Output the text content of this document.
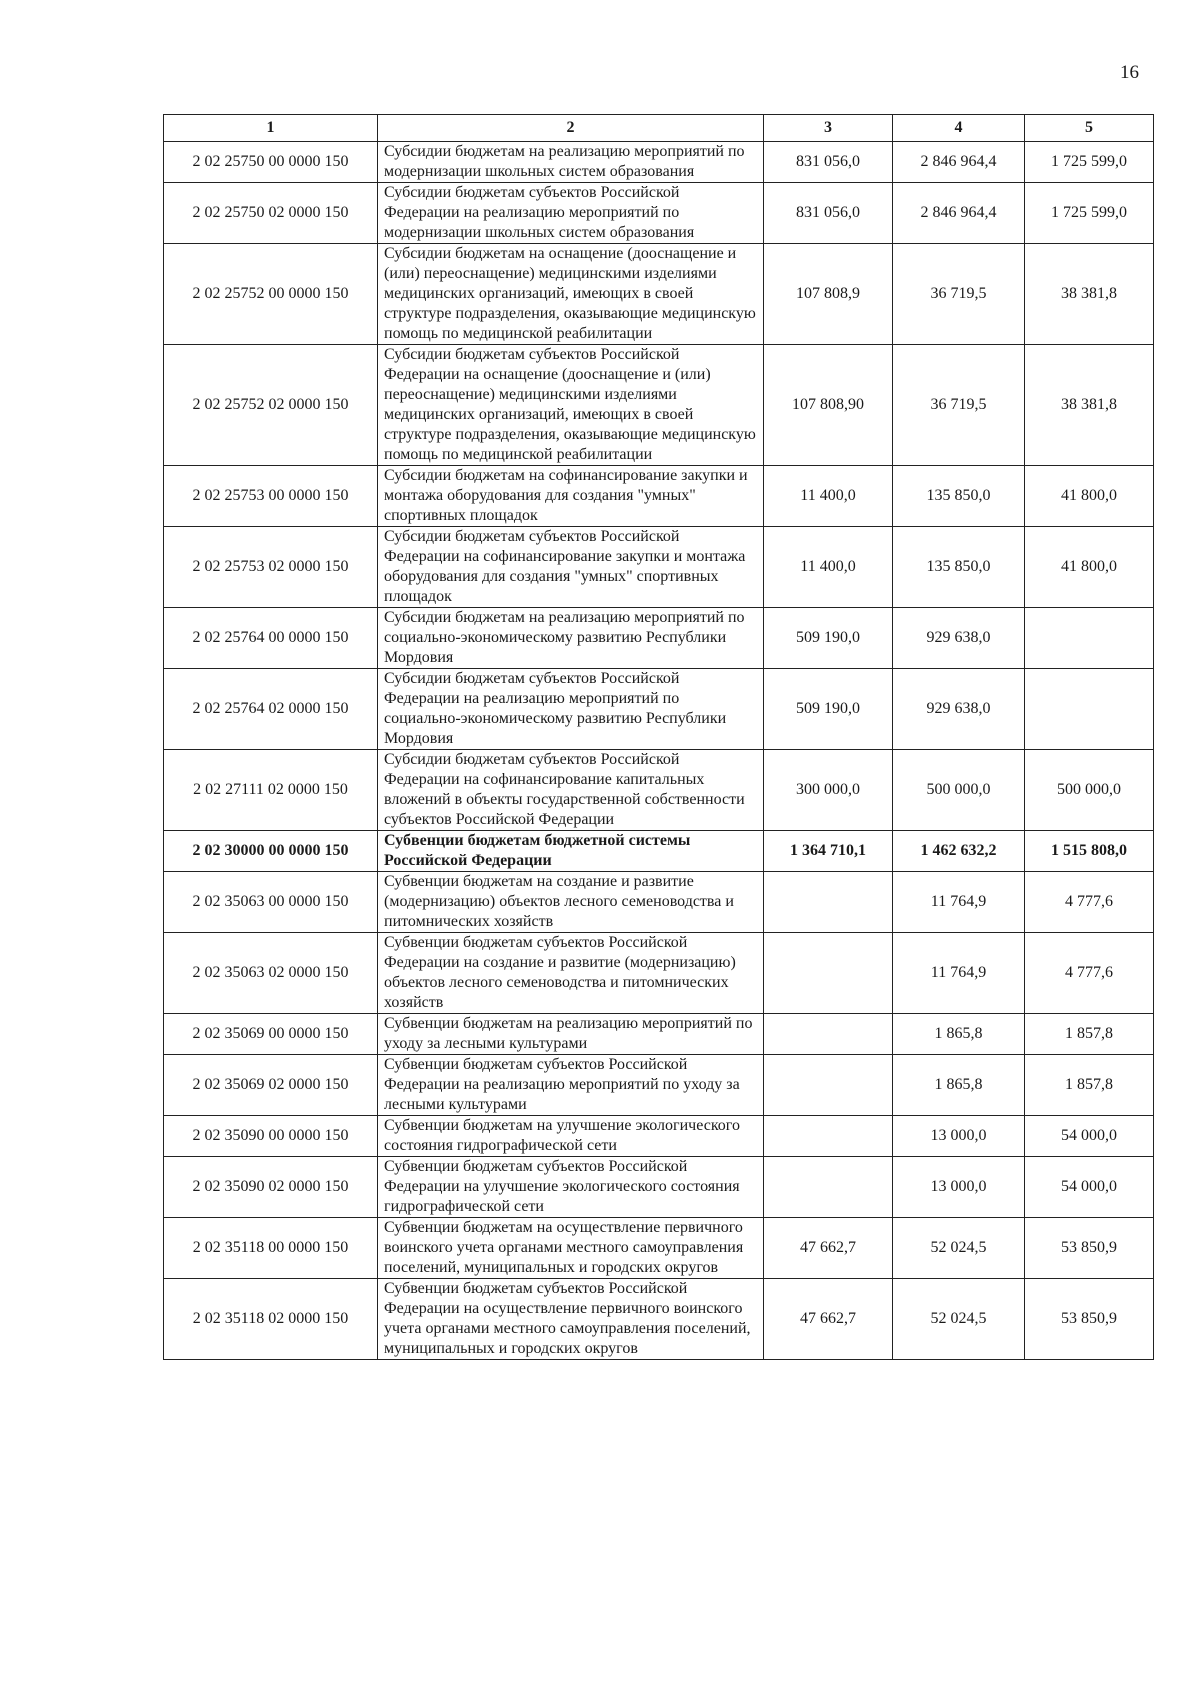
16
1	2	3	4	5
2 02 25750 00 0000 150	Субсидии бюджетам на реализацию мероприятий по модернизации школьных систем образования	831 056,0	2 846 964,4	1 725 599,0
2 02 25750 02 0000 150	Субсидии бюджетам субъектов Российской Федерации на реализацию мероприятий по модернизации школьных систем образования	831 056,0	2 846 964,4	1 725 599,0
2 02 25752 00 0000 150	Субсидии бюджетам на оснащение (дооснащение и (или) переоснащение) медицинскими изделиями медицинских организаций, имеющих в своей структуре подразделения, оказывающие медицинскую помощь по медицинской реабилитации	107 808,9	36 719,5	38 381,8
2 02 25752 02 0000 150	Субсидии бюджетам субъектов Российской Федерации на оснащение (дооснащение и (или) переоснащение) медицинскими изделиями медицинских организаций, имеющих в своей структуре подразделения, оказывающие медицинскую помощь по медицинской реабилитации	107 808,90	36 719,5	38 381,8
2 02 25753 00 0000 150	Субсидии бюджетам на софинансирование закупки и монтажа оборудования для создания "умных" спортивных площадок	11 400,0	135 850,0	41 800,0
2 02 25753 02 0000 150	Субсидии бюджетам субъектов Российской Федерации на софинансирование закупки и монтажа оборудования для создания "умных" спортивных площадок	11 400,0	135 850,0	41 800,0
2 02 25764 00 0000 150	Субсидии бюджетам на реализацию мероприятий по социально-экономическому развитию Республики Мордовия	509 190,0	929 638,0	
2 02 25764 02 0000 150	Субсидии бюджетам субъектов Российской Федерации на реализацию мероприятий по социально-экономическому развитию Республики Мордовия	509 190,0	929 638,0	
2 02 27111 02 0000 150	Субсидии бюджетам субъектов Российской Федерации на софинансирование капитальных вложений в объекты государственной собственности субъектов Российской Федерации	300 000,0	500 000,0	500 000,0
2 02 30000 00 0000 150	Субвенции бюджетам бюджетной системы Российской Федерации	1 364 710,1	1 462 632,2	1 515 808,0
2 02 35063 00 0000 150	Субвенции бюджетам на создание и развитие (модернизацию) объектов лесного семеноводства и питомнических хозяйств		11 764,9	4 777,6
2 02 35063 02 0000 150	Субвенции бюджетам субъектов Российской Федерации на создание и развитие (модернизацию) объектов лесного семеноводства и питомнических хозяйств		11 764,9	4 777,6
2 02 35069 00 0000 150	Субвенции бюджетам на реализацию мероприятий по уходу за лесными культурами		1 865,8	1 857,8
2 02 35069 02 0000 150	Субвенции бюджетам субъектов Российской Федерации на реализацию мероприятий по уходу за лесными культурами		1 865,8	1 857,8
2 02 35090 00 0000 150	Субвенции бюджетам на улучшение экологического состояния гидрографической сети		13 000,0	54 000,0
2 02 35090 02 0000 150	Субвенции бюджетам субъектов Российской Федерации на улучшение экологического состояния гидрографической сети		13 000,0	54 000,0
2 02 35118 00 0000 150	Субвенции бюджетам на осуществление первичного воинского учета органами местного самоуправления поселений, муниципальных и городских округов	47 662,7	52 024,5	53 850,9
2 02 35118 02 0000 150	Субвенции бюджетам субъектов Российской Федерации на осуществление первичного воинского учета органами местного самоуправления поселений, муниципальных и городских округов	47 662,7	52 024,5	53 850,9
